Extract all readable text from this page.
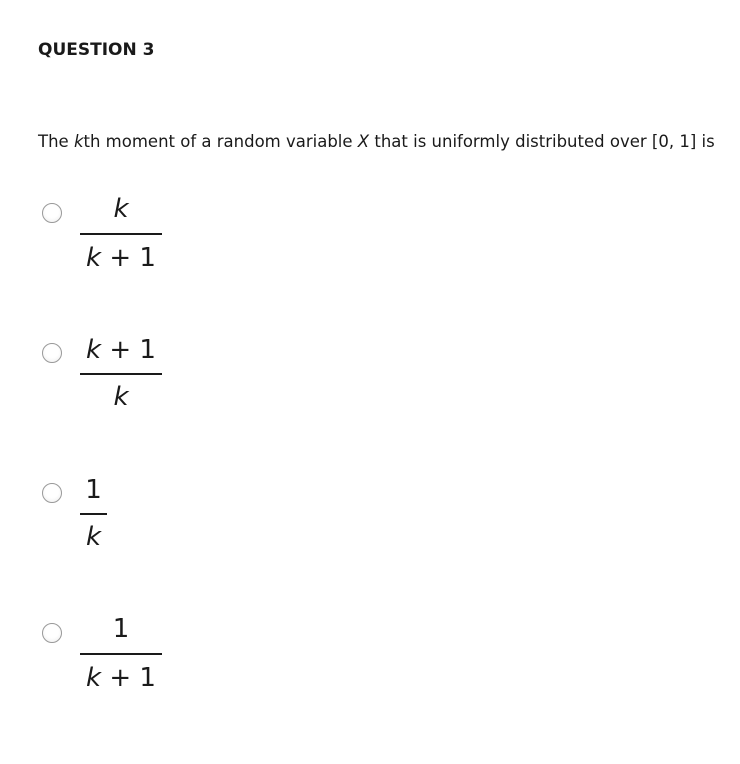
QUESTION 3
The kth moment of a random variable X that is uniformly distributed over [0, 1] is
k
k + 1
k + 1
k
1
k
1
k + 1
